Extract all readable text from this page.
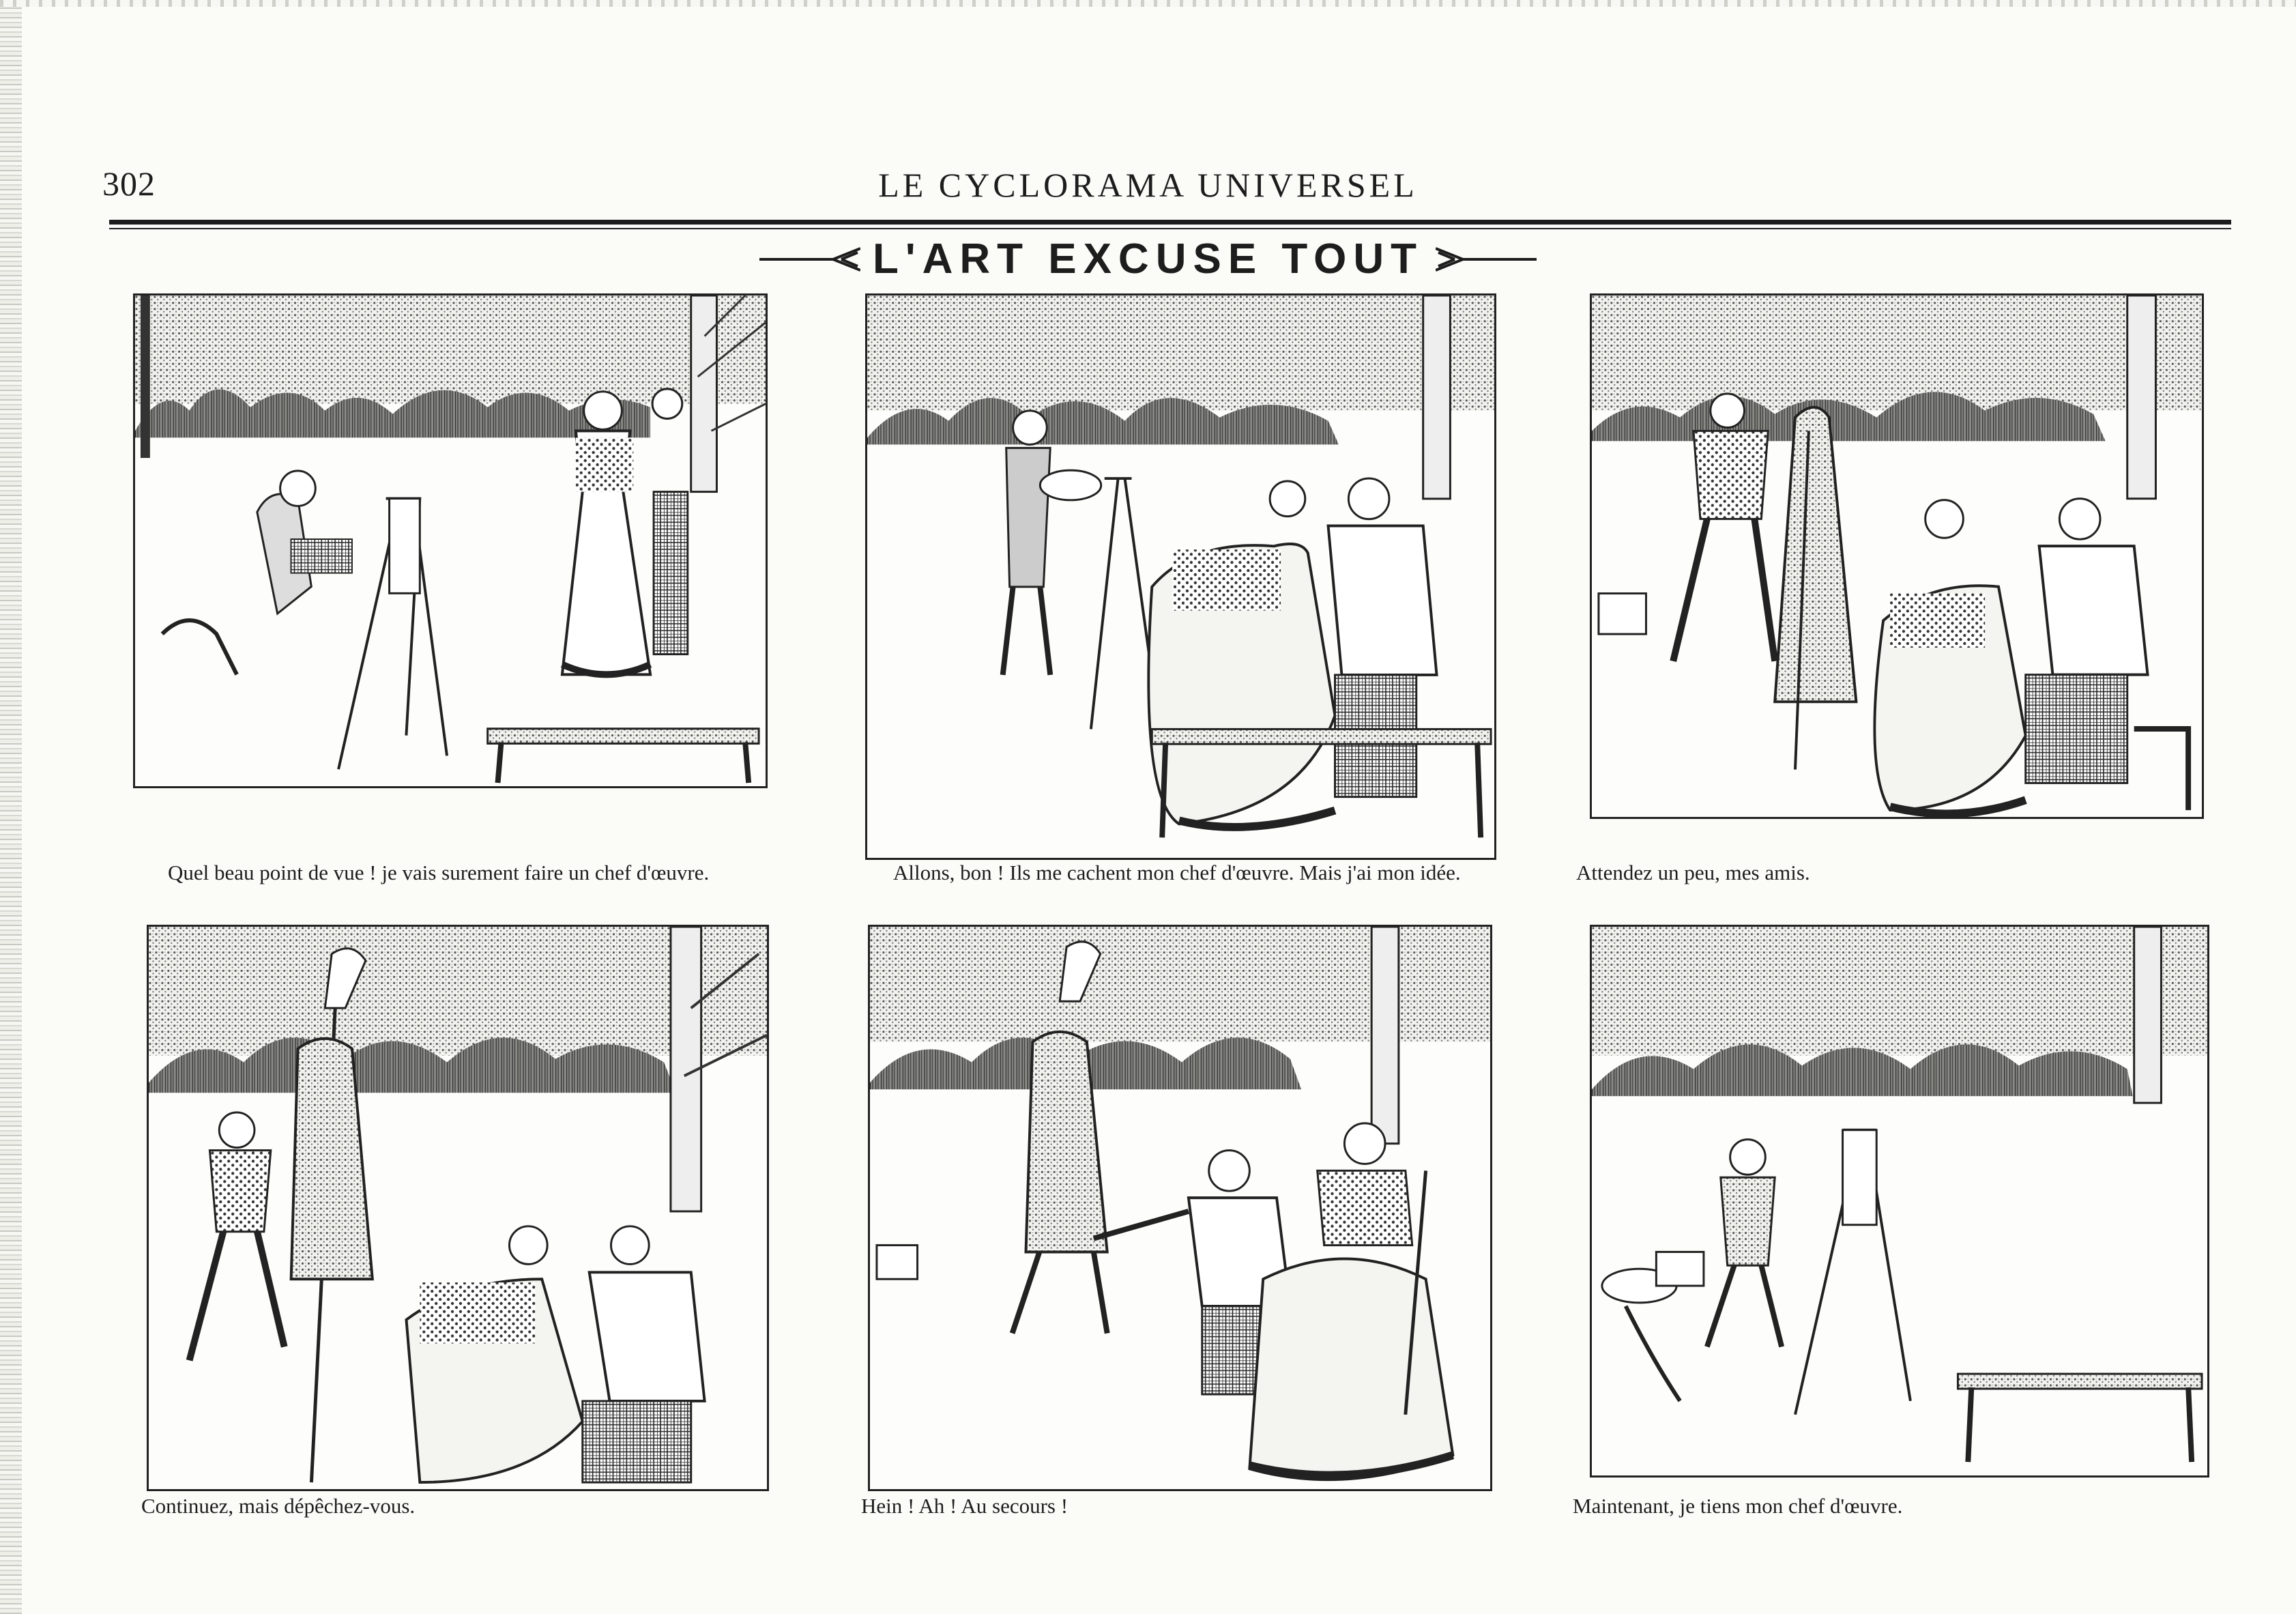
302	LE CYCLORAMA UNIVERSEL
L'ART EXCUSE TOUT
Quel beau point de vue ! je vais surement faire un chef d'œuvre.	Allons, bon ! Ils me cachent mon chef d'œuvre. Mais j'ai mon idée.	Attendez un peu, mes amis.
Continuez, mais dépêchez-vous.	Hein ! Ah ! Au secours !	Maintenant, je tiens mon chef d'œuvre.
